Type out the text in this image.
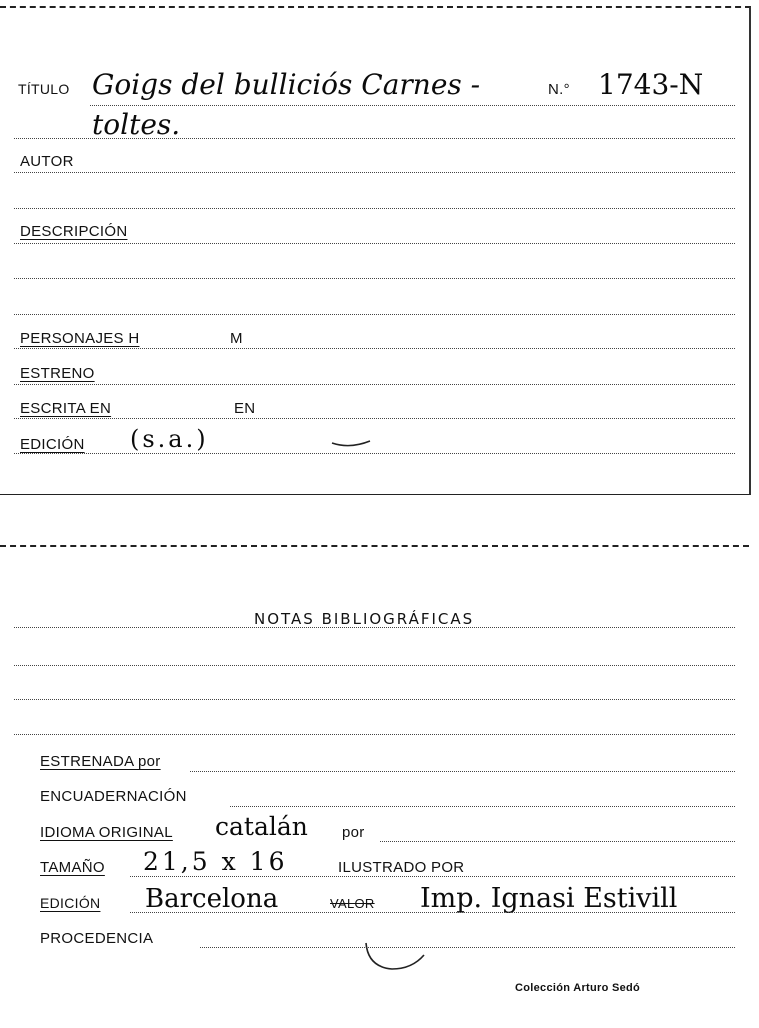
TÍTULO Goigs del bulliciós Carnes -	N.° 1743-N
toltes.
AUTOR
DESCRIPCIÓN
PERSONAJES H	M
ESTRENO
ESCRITA EN	EN
EDICIÓN (s.a.)
NOTAS BIBLIOGRÁFICAS
ESTRENADA por
ENCUADERNACIÓN
IDIOMA ORIGINAL catalán por
TAMAÑO 21,5 x 16	ILUSTRADO POR
EDICIÓN Barcelona	VALOR Imp. Ignasi Estivill
PROCEDENCIA
Colección Arturo Sedó
